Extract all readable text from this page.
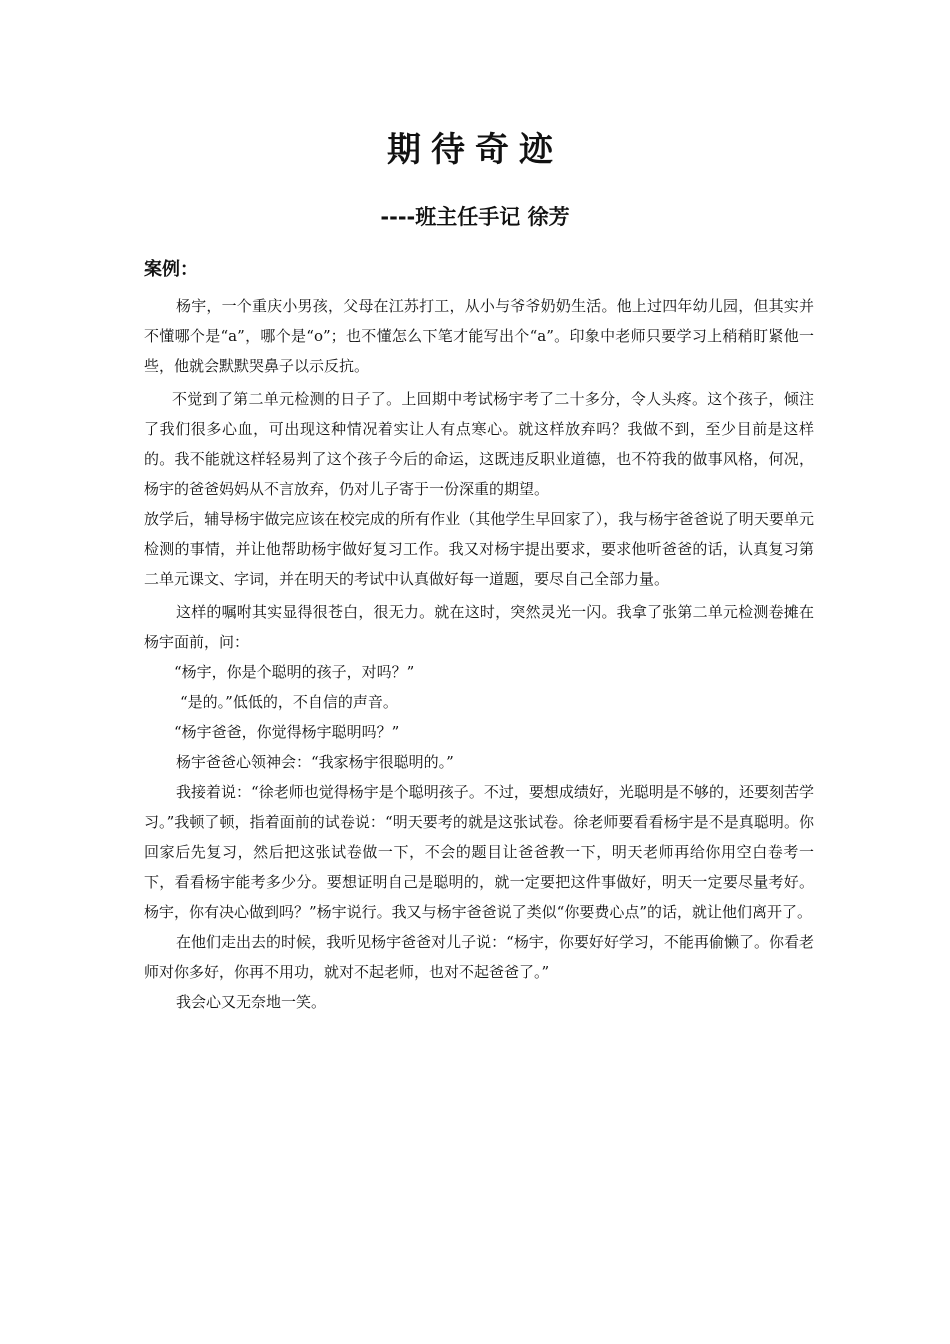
期待奇迹
----班主任手记 徐芳
案例：

杨宇，一个重庆小男孩，父母在江苏打工，从小与爷爷奶奶生活。他上过四年幼儿园，但其实并不懂哪个是“a”，哪个是“o”；也不懂怎么下笔才能写出个“a”。印象中老师只要学习上稍稍盯紧他一些，他就会默默哭鼻子以示反抗。

不觉到了第二单元检测的日子了。上回期中考试杨宇考了二十多分，令人头疼。这个孩子，倾注了我们很多心血，可出现这种情况着实让人有点寒心。就这样放弃吗？我做不到，至少目前是这样的。我不能就这样轻易判了这个孩子今后的命运，这既违反职业道德，也不符我的做事风格，何况，杨宇的爸爸妈妈从不言放弃，仍对儿子寄于一份深重的期望。

放学后，辅导杨宇做完应该在校完成的所有作业（其他学生早回家了），我与杨宇爸爸说了明天要单元检测的事情，并让他帮助杨宇做好复习工作。我又对杨宇提出要求，要求他听爸爸的话，认真复习第二单元课文、字词，并在明天的考试中认真做好每一道题，要尽自己全部力量。

这样的嘱咐其实显得很苍白，很无力。就在这时，突然灵光一闪。我拿了张第二单元检测卷摊在杨宇面前，问：

“杨宇，你是个聪明的孩子，对吗？”

“是的。”低低的，不自信的声音。

“杨宇爸爸，你觉得杨宇聪明吗？”

杨宇爸爸心领神会：“我家杨宇很聪明的。”

我接着说：“徐老师也觉得杨宇是个聪明孩子。不过，要想成绩好，光聪明是不够的，还要刻苦学习。”我顿了顿，指着面前的试卷说：“明天要考的就是这张试卷。徐老师要看看杨宇是不是真聪明。你回家后先复习，然后把这张试卷做一下，不会的题目让爸爸教一下，明天老师再给你用空白卷考一下，看看杨宇能考多少分。要想证明自己是聪明的，就一定要把这件事做好，明天一定要尽量考好。杨宇，你有决心做到吗？”杨宇说行。我又与杨宇爸爸说了类似“你要费心点”的话，就让他们离开了。

在他们走出去的时候，我听见杨宇爸爸对儿子说：“杨宇，你要好好学习，不能再偷懒了。你看老师对你多好，你再不用功，就对不起老师，也对不起爸爸了。”

我会心又无奈地一笑。
